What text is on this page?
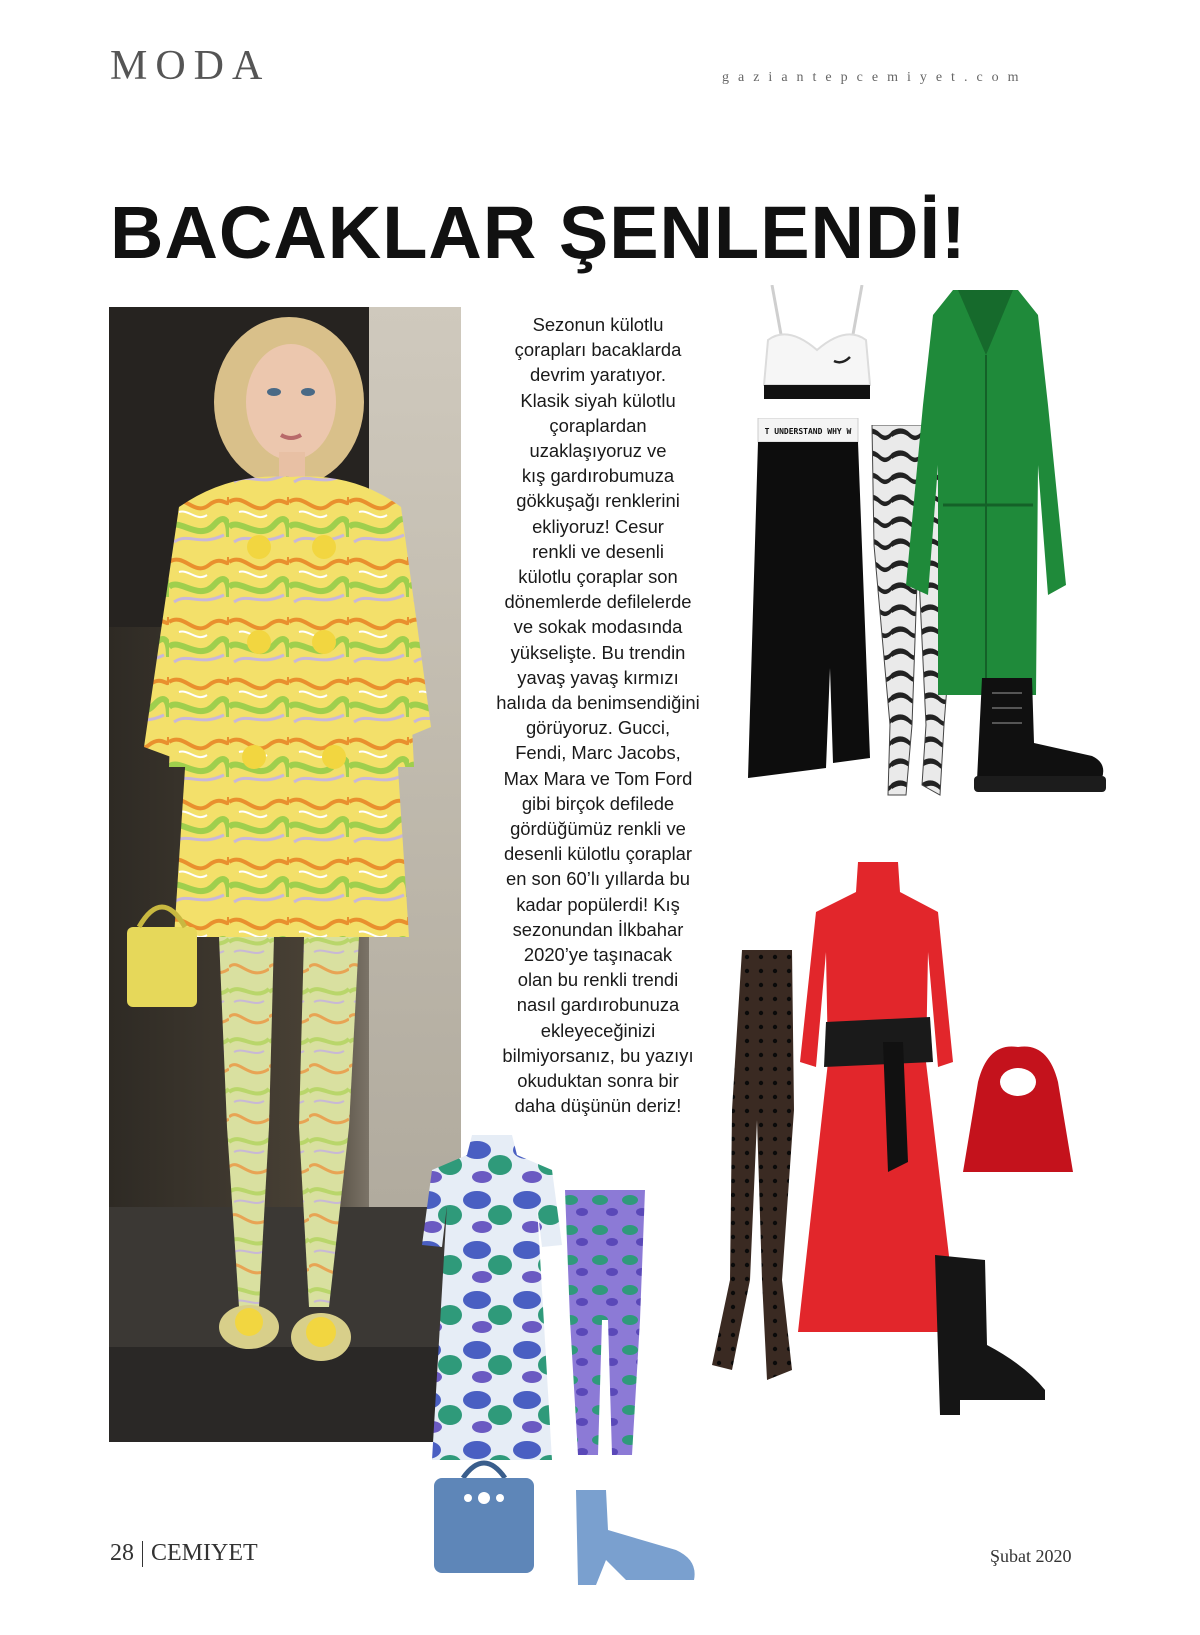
MODA	gaziantepcemiyet.com
BACAKLAR ŞENLENDİ!
Sezonun külotlu
çorapları bacaklarda
devrim yaratıyor.
Klasik siyah külotlu
çoraplardan
uzaklaşıyoruz ve
kış gardırobumuza
gökkuşağı renklerini
ekliyoruz! Cesur
renkli ve desenli
külotlu çoraplar son
dönemlerde defilelerde
ve sokak modasında
yükselişte. Bu trendin
yavaş yavaş kırmızı
halıda da benimsendiğini
görüyoruz. Gucci,
Fendi, Marc Jacobs,
Max Mara ve Tom Ford
gibi birçok defilede
gördüğümüz renkli ve
desenli külotlu çoraplar
en son 60’lı yıllarda bu
kadar popülerdi! Kış
sezonundan İlkbahar
2020’ye taşınacak
olan bu renkli trendi
nasıl gardırobunuza
ekleyeceğinizi
bilmiyorsanız, bu yazıyı
okuduktan sonra bir
daha düşünün deriz!
T UNDERSTAND WHY W
28 CEMIYET	Şubat 2020
